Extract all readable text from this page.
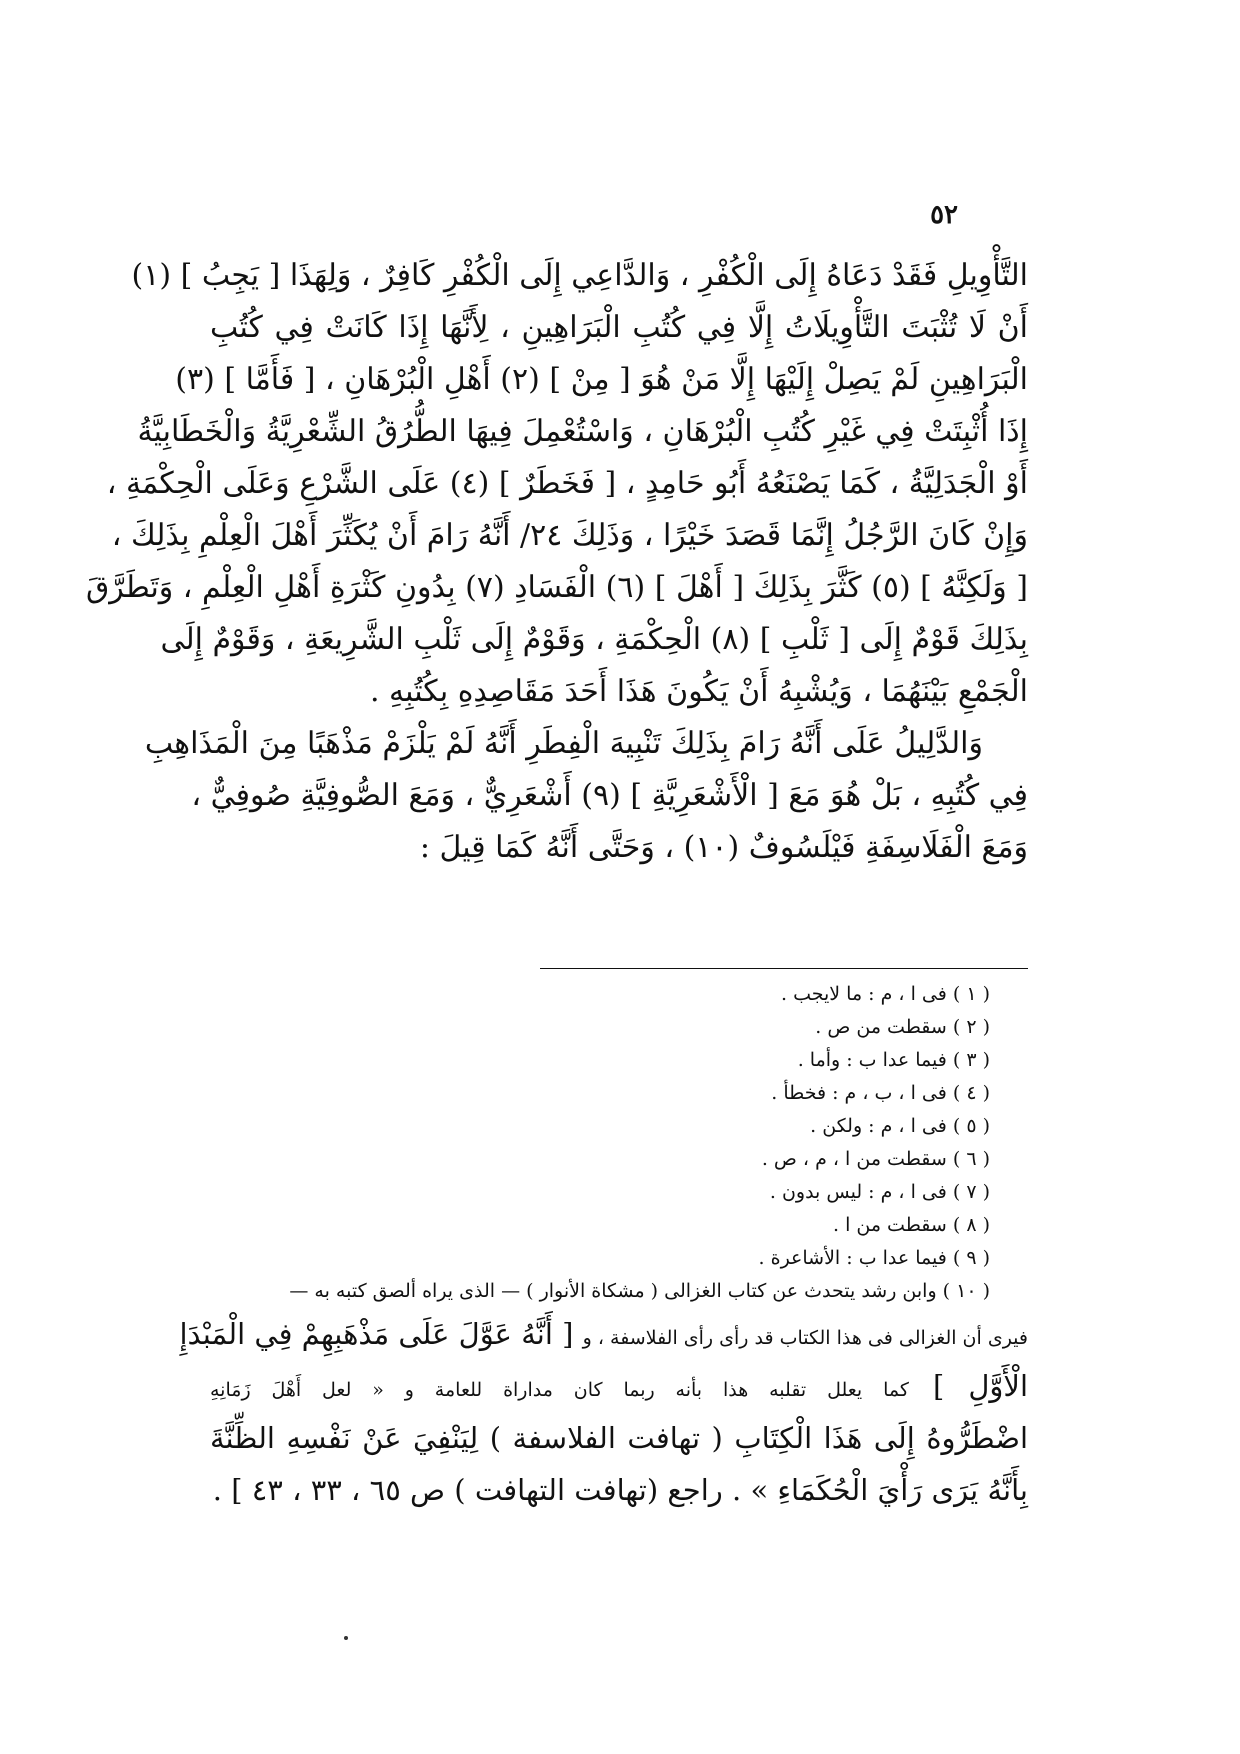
٥٢
التَّأْوِيلِ فَقَدْ دَعَاهُ إِلَى الْكُفْرِ ، وَالدَّاعِي إِلَى الْكُفْرِ كَافِرٌ ، وَلِهَذَا [ يَجِبُ ] (١)
أَنْ لَا تُثْبَتَ التَّأْوِيلَاتُ إِلَّا فِي كُتُبِ الْبَرَاهِينِ ، لِأَنَّهَا إِذَا كَانَتْ فِي كُتُبِ
الْبَرَاهِينِ لَمْ يَصِلْ إِلَيْهَا إِلَّا مَنْ هُوَ [ مِنْ ] (٢) أَهْلِ الْبُرْهَانِ ، [ فَأَمَّا ] (٣)
إِذَا أُثْبِتَتْ فِي غَيْرِ كُتُبِ الْبُرْهَانِ ، وَاسْتُعْمِلَ فِيهَا الطُّرُقُ الشِّعْرِيَّةُ وَالْخَطَابِيَّةُ
أَوْ الْجَدَلِيَّةُ ، كَمَا يَصْنَعُهُ أَبُو حَامِدٍ ، [ فَخَطَرٌ ] (٤) عَلَى الشَّرْعِ وَعَلَى الْحِكْمَةِ ،
وَإِنْ كَانَ الرَّجُلُ إِنَّمَا قَصَدَ خَيْرًا ، وَذَلِكَ ٢٤/ أَنَّهُ رَامَ أَنْ يُكَثِّرَ أَهْلَ الْعِلْمِ بِذَلِكَ ،
[ وَلَكِنَّهُ ] (٥) كَثَّرَ بِذَلِكَ [ أَهْلَ ] (٦) الْفَسَادِ (٧) بِدُونِ كَثْرَةِ أَهْلِ الْعِلْمِ ، وَتَطَرَّقَ
بِذَلِكَ قَوْمٌ إِلَى [ ثَلْبِ ] (٨) الْحِكْمَةِ ، وَقَوْمٌ إِلَى ثَلْبِ الشَّرِيعَةِ ، وَقَوْمٌ إِلَى
الْجَمْعِ بَيْنَهُمَا ، وَيُشْبِهُ أَنْ يَكُونَ هَذَا أَحَدَ مَقَاصِدِهِ بِكُتُبِهِ .
وَالدَّلِيلُ عَلَى أَنَّهُ رَامَ بِذَلِكَ تَنْبِيهَ الْفِطَرِ أَنَّهُ لَمْ يَلْزَمْ مَذْهَبًا مِنَ الْمَذَاهِبِ
فِي كُتُبِهِ ، بَلْ هُوَ مَعَ [ الْأَشْعَرِيَّةِ ] (٩) أَشْعَرِيٌّ ، وَمَعَ الصُّوفِيَّةِ صُوفِيٌّ ،
وَمَعَ الْفَلَاسِفَةِ فَيْلَسُوفٌ (١٠) ، وَحَتَّى أَنَّهُ كَمَا قِيلَ :
( ١ ) فى ا ، م : ما لايجب .
( ٢ ) سقطت من ص .
( ٣ ) فيما عدا ب : وأما .
( ٤ ) فى ا ، ب ، م : فخطأ .
( ٥ ) فى ا ، م : ولكن .
( ٦ ) سقطت من ا ، م ، ص .
( ٧ ) فى ا ، م : ليس بدون .
( ٨ ) سقطت من ا .
( ٩ ) فيما عدا ب : الأشاعرة .
( ١٠ ) وابن رشد يتحدث عن كتاب الغزالى ( مشكاة الأنوار ) — الذى يراه ألصق كتبه به —
فيرى أن الغزالى فى هذا الكتاب قد رأى رأى الفلاسفة ، و [ أَنَّهُ عَوَّلَ عَلَى مَذْهَبِهِمْ فِي الْمَبْدَإِ
الْأَوَّلِ ] كما يعلل تقلبه هذا بأنه ربما كان مداراة للعامة و « لعل أَهْلَ زَمَانِهِ
اضْطَرُّوهُ إِلَى هَذَا الْكِتَابِ ( تهافت الفلاسفة ) لِيَنْفِيَ عَنْ نَفْسِهِ الظِّنَّةَ
بِأَنَّهُ يَرَى رَأْيَ الْحُكَمَاءِ » . راجع (تهافت التهافت ) ص ٦٥ ، ٣٣ ، ٤٣ ] .
